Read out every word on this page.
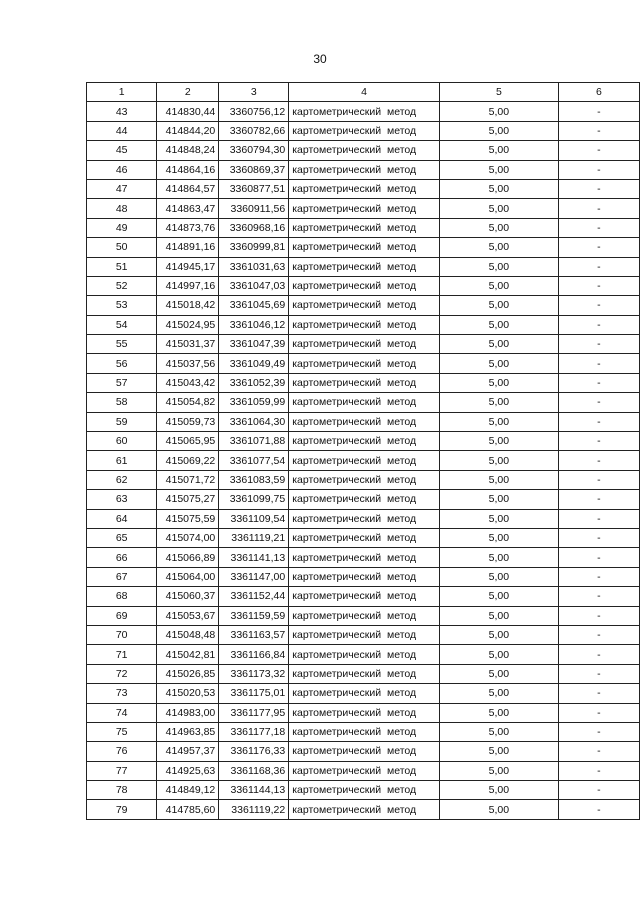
30
1	2	3	4	5	6
43	414830,44	3360756,12	картометрический метод	5,00	-
44	414844,20	3360782,66	картометрический метод	5,00	-
45	414848,24	3360794,30	картометрический метод	5,00	-
46	414864,16	3360869,37	картометрический метод	5,00	-
47	414864,57	3360877,51	картометрический метод	5,00	-
48	414863,47	3360911,56	картометрический метод	5,00	-
49	414873,76	3360968,16	картометрический метод	5,00	-
50	414891,16	3360999,81	картометрический метод	5,00	-
51	414945,17	3361031,63	картометрический метод	5,00	-
52	414997,16	3361047,03	картометрический метод	5,00	-
53	415018,42	3361045,69	картометрический метод	5,00	-
54	415024,95	3361046,12	картометрический метод	5,00	-
55	415031,37	3361047,39	картометрический метод	5,00	-
56	415037,56	3361049,49	картометрический метод	5,00	-
57	415043,42	3361052,39	картометрический метод	5,00	-
58	415054,82	3361059,99	картометрический метод	5,00	-
59	415059,73	3361064,30	картометрический метод	5,00	-
60	415065,95	3361071,88	картометрический метод	5,00	-
61	415069,22	3361077,54	картометрический метод	5,00	-
62	415071,72	3361083,59	картометрический метод	5,00	-
63	415075,27	3361099,75	картометрический метод	5,00	-
64	415075,59	3361109,54	картометрический метод	5,00	-
65	415074,00	3361119,21	картометрический метод	5,00	-
66	415066,89	3361141,13	картометрический метод	5,00	-
67	415064,00	3361147,00	картометрический метод	5,00	-
68	415060,37	3361152,44	картометрический метод	5,00	-
69	415053,67	3361159,59	картометрический метод	5,00	-
70	415048,48	3361163,57	картометрический метод	5,00	-
71	415042,81	3361166,84	картометрический метод	5,00	-
72	415026,85	3361173,32	картометрический метод	5,00	-
73	415020,53	3361175,01	картометрический метод	5,00	-
74	414983,00	3361177,95	картометрический метод	5,00	-
75	414963,85	3361177,18	картометрический метод	5,00	-
76	414957,37	3361176,33	картометрический метод	5,00	-
77	414925,63	3361168,36	картометрический метод	5,00	-
78	414849,12	3361144,13	картометрический метод	5,00	-
79	414785,60	3361119,22	картометрический метод	5,00	-
